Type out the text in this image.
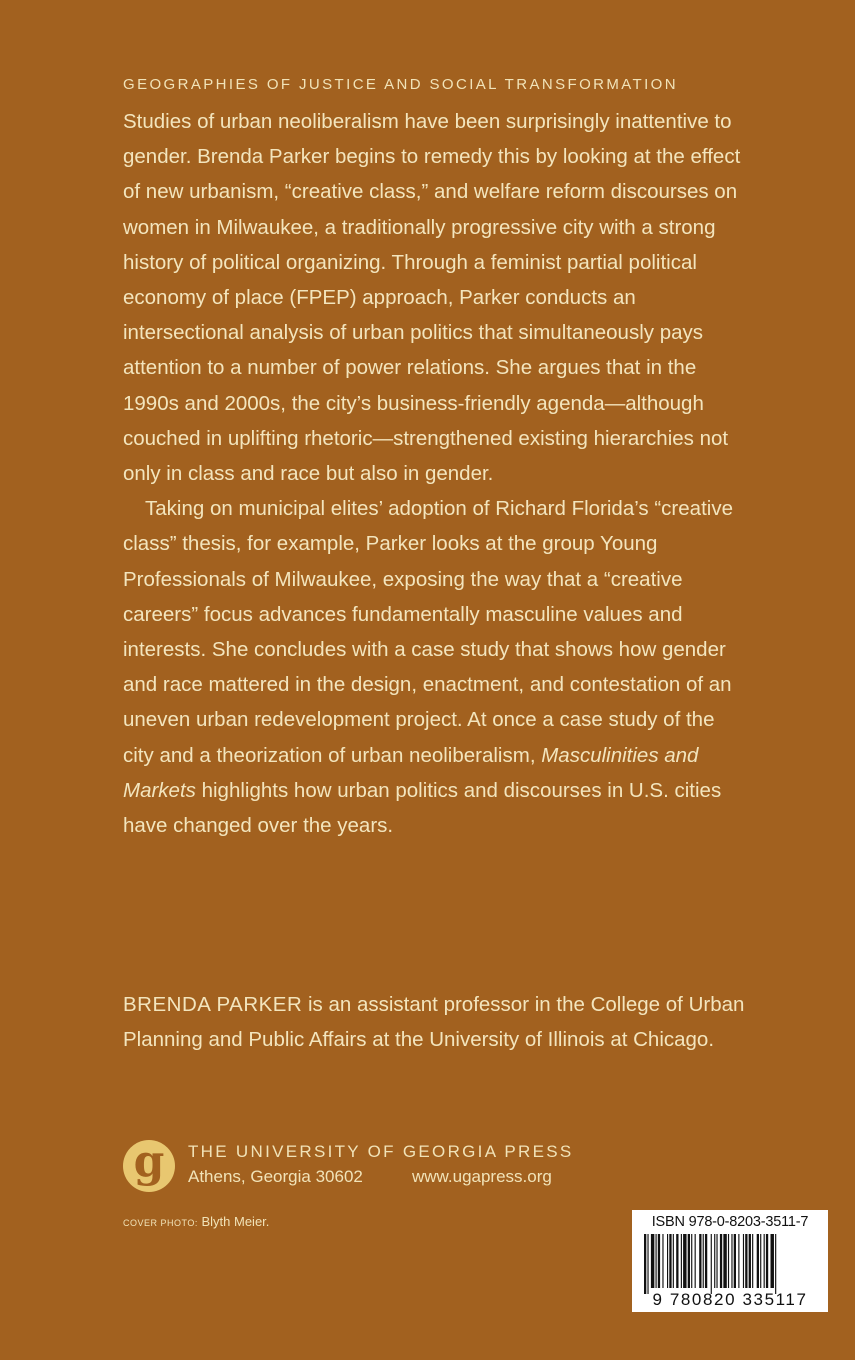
GEOGRAPHIES OF JUSTICE AND SOCIAL TRANSFORMATION

Studies of urban neoliberalism have been surprisingly inattentive to gender. Brenda Parker begins to remedy this by looking at the effect of new urbanism, “creative class,” and welfare reform discourses on women in Milwaukee, a traditionally progressive city with a strong history of political organizing. Through a feminist partial political economy of place (FPEP) approach, Parker conducts an intersectional analysis of urban politics that simultaneously pays attention to a number of power relations. She argues that in the 1990s and 2000s, the city’s business-friendly agenda—although couched in uplifting rhetoric—strengthened existing hierarchies not only in class and race but also in gender.

Taking on municipal elites’ adoption of Richard Florida’s “creative class” thesis, for example, Parker looks at the group Young Professionals of Milwaukee, exposing the way that a “creative careers” focus advances fundamentally masculine values and interests. She concludes with a case study that shows how gender and race mattered in the design, enactment, and contestation of an uneven urban redevelopment project. At once a case study of the city and a theorization of urban neoliberalism, Masculinities and Markets highlights how urban politics and discourses in U.S. cities have changed over the years.

BRENDA PARKER is an assistant professor in the College of Urban Planning and Public Affairs at the University of Illinois at Chicago.
g THE UNIVERSITY OF GEORGIA PRESS
Athens, Georgia 30602	www.ugapress.org
COVER PHOTO: Blyth Meier.	ISBN 978-0-8203-3511-7
9 780820 335117
